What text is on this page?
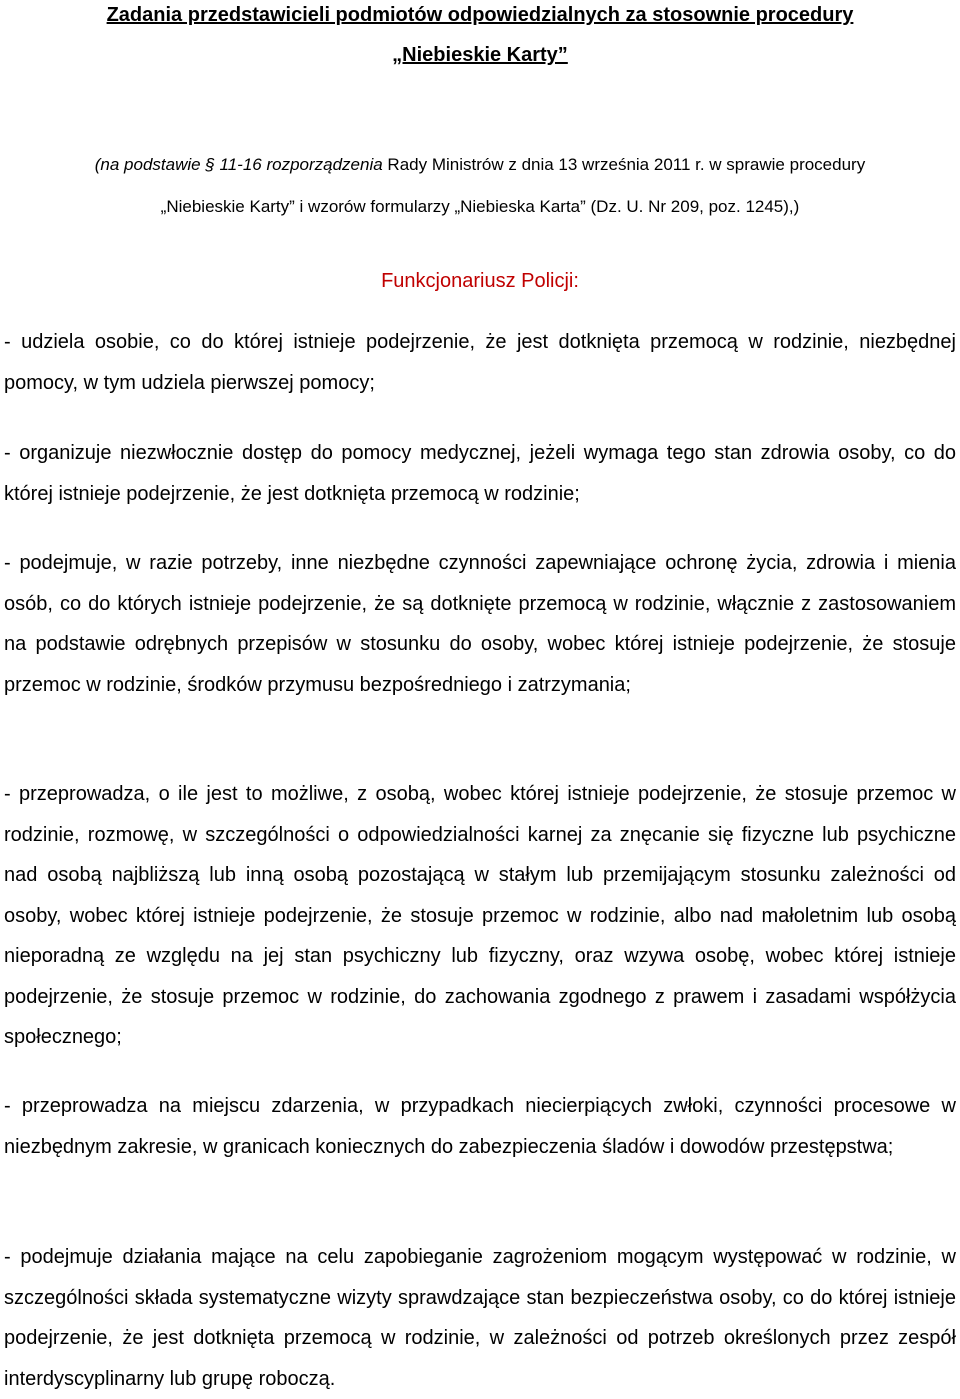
Zadania przedstawicieli podmiotów odpowiedzialnych za stosownie procedury
„Niebieskie Karty”
(na podstawie § 11-16 rozporządzenia Rady Ministrów z dnia 13 września 2011 r. w sprawie procedury
„Niebieskie Karty” i wzorów formularzy „Niebieska Karta” (Dz. U. Nr 209, poz. 1245),)
Funkcjonariusz Policji:
- udziela osobie, co do której istnieje podejrzenie, że jest dotknięta przemocą w rodzinie, niezbędnej pomocy, w tym udziela pierwszej pomocy;
- organizuje niezwłocznie dostęp do pomocy medycznej, jeżeli wymaga tego stan zdrowia osoby, co do której istnieje podejrzenie, że jest dotknięta przemocą w rodzinie;
- podejmuje, w razie potrzeby, inne niezbędne czynności zapewniające ochronę życia, zdrowia i mienia osób, co do których istnieje podejrzenie, że są dotknięte przemocą w rodzinie, włącznie z zastosowaniem na podstawie odrębnych przepisów w stosunku do osoby, wobec której istnieje podejrzenie, że stosuje przemoc w rodzinie, środków przymusu bezpośredniego i zatrzymania;
- przeprowadza, o ile jest to możliwe, z osobą, wobec której istnieje podejrzenie, że stosuje przemoc w rodzinie, rozmowę, w szczególności o odpowiedzialności karnej za znęcanie się fizyczne lub psychiczne nad osobą najbliższą lub inną osobą pozostającą w stałym lub przemijającym stosunku zależności od osoby, wobec której istnieje podejrzenie, że stosuje przemoc w rodzinie, albo nad małoletnim lub osobą nieporadną ze względu na jej stan psychiczny lub fizyczny, oraz wzywa osobę, wobec której istnieje podejrzenie, że stosuje przemoc w rodzinie, do zachowania zgodnego z prawem i zasadami współżycia społecznego;
- przeprowadza na miejscu zdarzenia, w przypadkach niecierpiących zwłoki, czynności procesowe w niezbędnym zakresie, w granicach koniecznych do zabezpieczenia śladów i dowodów przestępstwa;
- podejmuje działania mające na celu zapobieganie zagrożeniom mogącym występować w rodzinie, w szczególności składa systematyczne wizyty sprawdzające stan bezpieczeństwa osoby, co do której istnieje podejrzenie, że jest dotknięta przemocą w rodzinie, w zależności od potrzeb określonych przez zespół interdyscyplinarny lub grupę roboczą.
